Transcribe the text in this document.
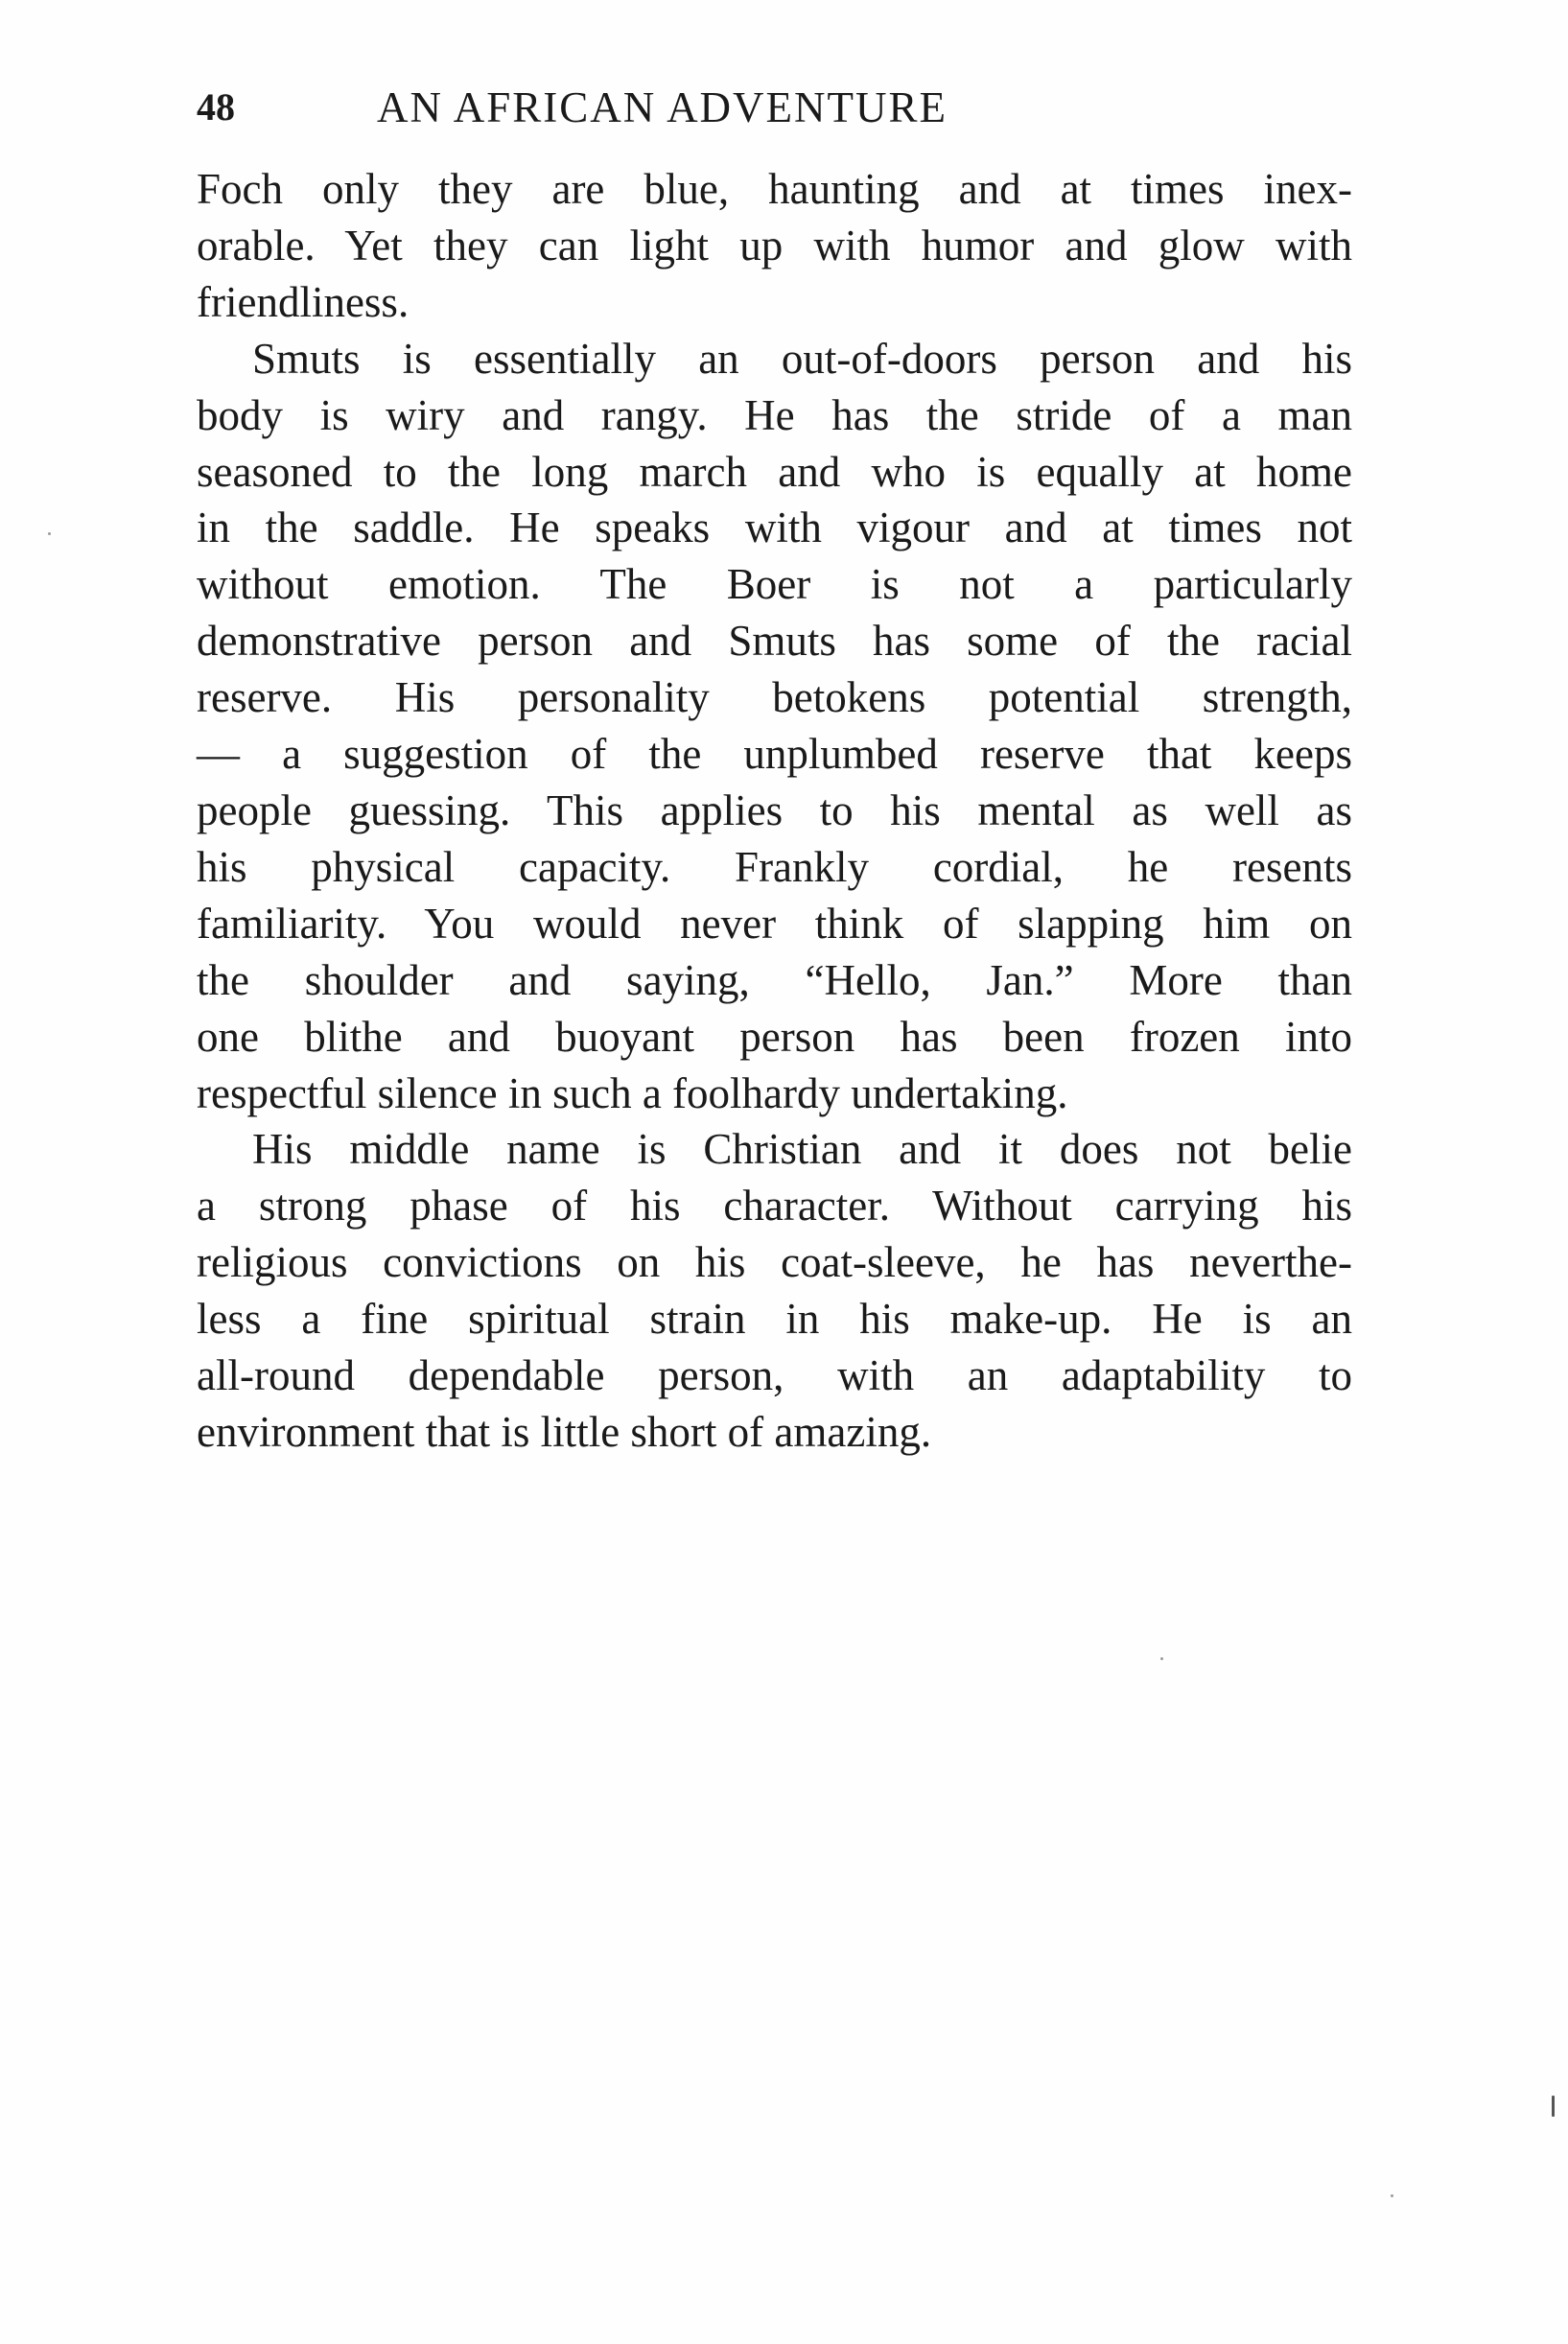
48	AN AFRICAN ADVENTURE

Foch only they are blue, haunting and at times inex-
orable. Yet they can light up with humor and glow with
friendliness.

Smuts is essentially an out-of-doors person and his
body is wiry and rangy. He has the stride of a man
seasoned to the long march and who is equally at home
in the saddle. He speaks with vigour and at times not
without emotion. The Boer is not a particularly
demonstrative person and Smuts has some of the racial
reserve. His personality betokens potential strength,
— a suggestion of the unplumbed reserve that keeps
people guessing. This applies to his mental as well as
his physical capacity. Frankly cordial, he resents
familiarity. You would never think of slapping him on
the shoulder and saying, “Hello, Jan.” More than
one blithe and buoyant person has been frozen into
respectful silence in such a foolhardy undertaking.

His middle name is Christian and it does not belie
a strong phase of his character. Without carrying his
religious convictions on his coat-sleeve, he has neverthe-
less a fine spiritual strain in his make-up. He is an
all-round dependable person, with an adaptability to
environment that is little short of amazing.
